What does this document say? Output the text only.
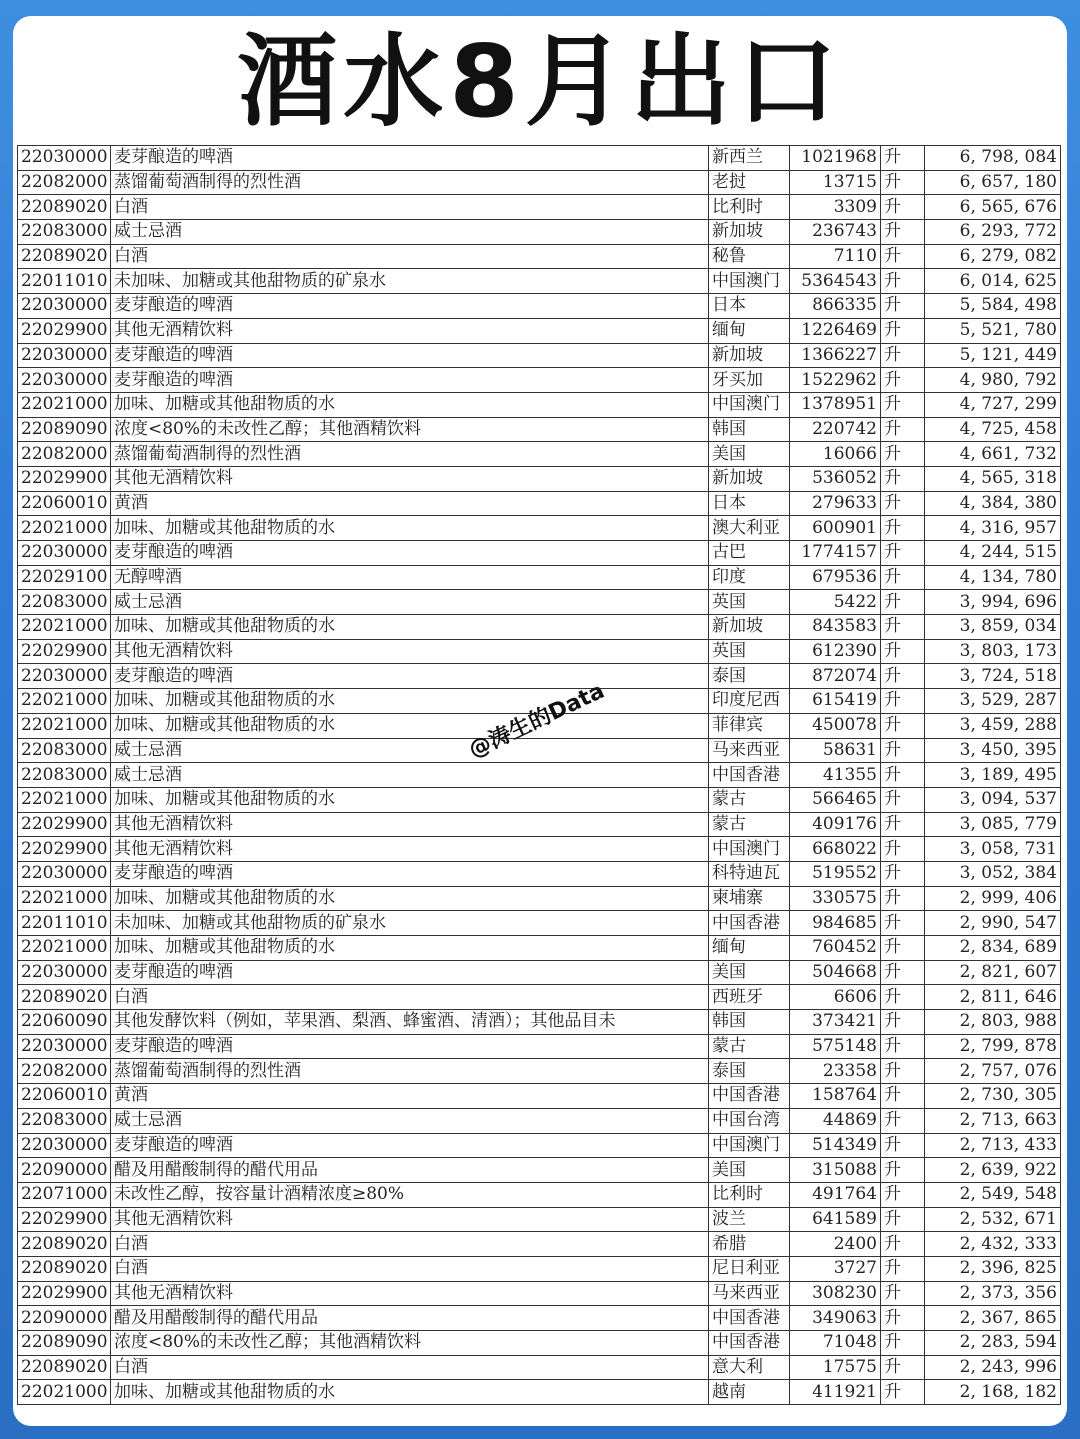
酒水8月出口
22030000	麦芽酿造的啤酒	新西兰	1021968	升	6, 798, 084
22082000	蒸馏葡萄酒制得的烈性酒	老挝	13715	升	6, 657, 180
22089020	白酒	比利时	3309	升	6, 565, 676
22083000	威士忌酒	新加坡	236743	升	6, 293, 772
22089020	白酒	秘鲁	7110	升	6, 279, 082
22011010	未加味、加糖或其他甜物质的矿泉水	中国澳门	5364543	升	6, 014, 625
22030000	麦芽酿造的啤酒	日本	866335	升	5, 584, 498
22029900	其他无酒精饮料	缅甸	1226469	升	5, 521, 780
22030000	麦芽酿造的啤酒	新加坡	1366227	升	5, 121, 449
22030000	麦芽酿造的啤酒	牙买加	1522962	升	4, 980, 792
22021000	加味、加糖或其他甜物质的水	中国澳门	1378951	升	4, 727, 299
22089090	浓度<80%的未改性乙醇；其他酒精饮料	韩国	220742	升	4, 725, 458
22082000	蒸馏葡萄酒制得的烈性酒	美国	16066	升	4, 661, 732
22029900	其他无酒精饮料	新加坡	536052	升	4, 565, 318
22060010	黄酒	日本	279633	升	4, 384, 380
22021000	加味、加糖或其他甜物质的水	澳大利亚	600901	升	4, 316, 957
22030000	麦芽酿造的啤酒	古巴	1774157	升	4, 244, 515
22029100	无醇啤酒	印度	679536	升	4, 134, 780
22083000	威士忌酒	英国	5422	升	3, 994, 696
22021000	加味、加糖或其他甜物质的水	新加坡	843583	升	3, 859, 034
22029900	其他无酒精饮料	英国	612390	升	3, 803, 173
22030000	麦芽酿造的啤酒	泰国	872074	升	3, 724, 518
22021000	加味、加糖或其他甜物质的水	印度尼西	615419	升	3, 529, 287
22021000	加味、加糖或其他甜物质的水	菲律宾	450078	升	3, 459, 288
22083000	威士忌酒	马来西亚	58631	升	3, 450, 395
22083000	威士忌酒	中国香港	41355	升	3, 189, 495
22021000	加味、加糖或其他甜物质的水	蒙古	566465	升	3, 094, 537
22029900	其他无酒精饮料	蒙古	409176	升	3, 085, 779
22029900	其他无酒精饮料	中国澳门	668022	升	3, 058, 731
22030000	麦芽酿造的啤酒	科特迪瓦	519552	升	3, 052, 384
22021000	加味、加糖或其他甜物质的水	柬埔寨	330575	升	2, 999, 406
22011010	未加味、加糖或其他甜物质的矿泉水	中国香港	984685	升	2, 990, 547
22021000	加味、加糖或其他甜物质的水	缅甸	760452	升	2, 834, 689
22030000	麦芽酿造的啤酒	美国	504668	升	2, 821, 607
22089020	白酒	西班牙	6606	升	2, 811, 646
22060090	其他发酵饮料（例如，苹果酒、梨酒、蜂蜜酒、清酒）；其他品目未	韩国	373421	升	2, 803, 988
22030000	麦芽酿造的啤酒	蒙古	575148	升	2, 799, 878
22082000	蒸馏葡萄酒制得的烈性酒	泰国	23358	升	2, 757, 076
22060010	黄酒	中国香港	158764	升	2, 730, 305
22083000	威士忌酒	中国台湾	44869	升	2, 713, 663
22030000	麦芽酿造的啤酒	中国澳门	514349	升	2, 713, 433
22090000	醋及用醋酸制得的醋代用品	美国	315088	升	2, 639, 922
22071000	未改性乙醇，按容量计酒精浓度≥80%	比利时	491764	升	2, 549, 548
22029900	其他无酒精饮料	波兰	641589	升	2, 532, 671
22089020	白酒	希腊	2400	升	2, 432, 333
22089020	白酒	尼日利亚	3727	升	2, 396, 825
22029900	其他无酒精饮料	马来西亚	308230	升	2, 373, 356
22090000	醋及用醋酸制得的醋代用品	中国香港	349063	升	2, 367, 865
22089090	浓度<80%的未改性乙醇；其他酒精饮料	中国香港	71048	升	2, 283, 594
22089020	白酒	意大利	17575	升	2, 243, 996
22021000	加味、加糖或其他甜物质的水	越南	411921	升	2, 168, 182
@涛生的Data
